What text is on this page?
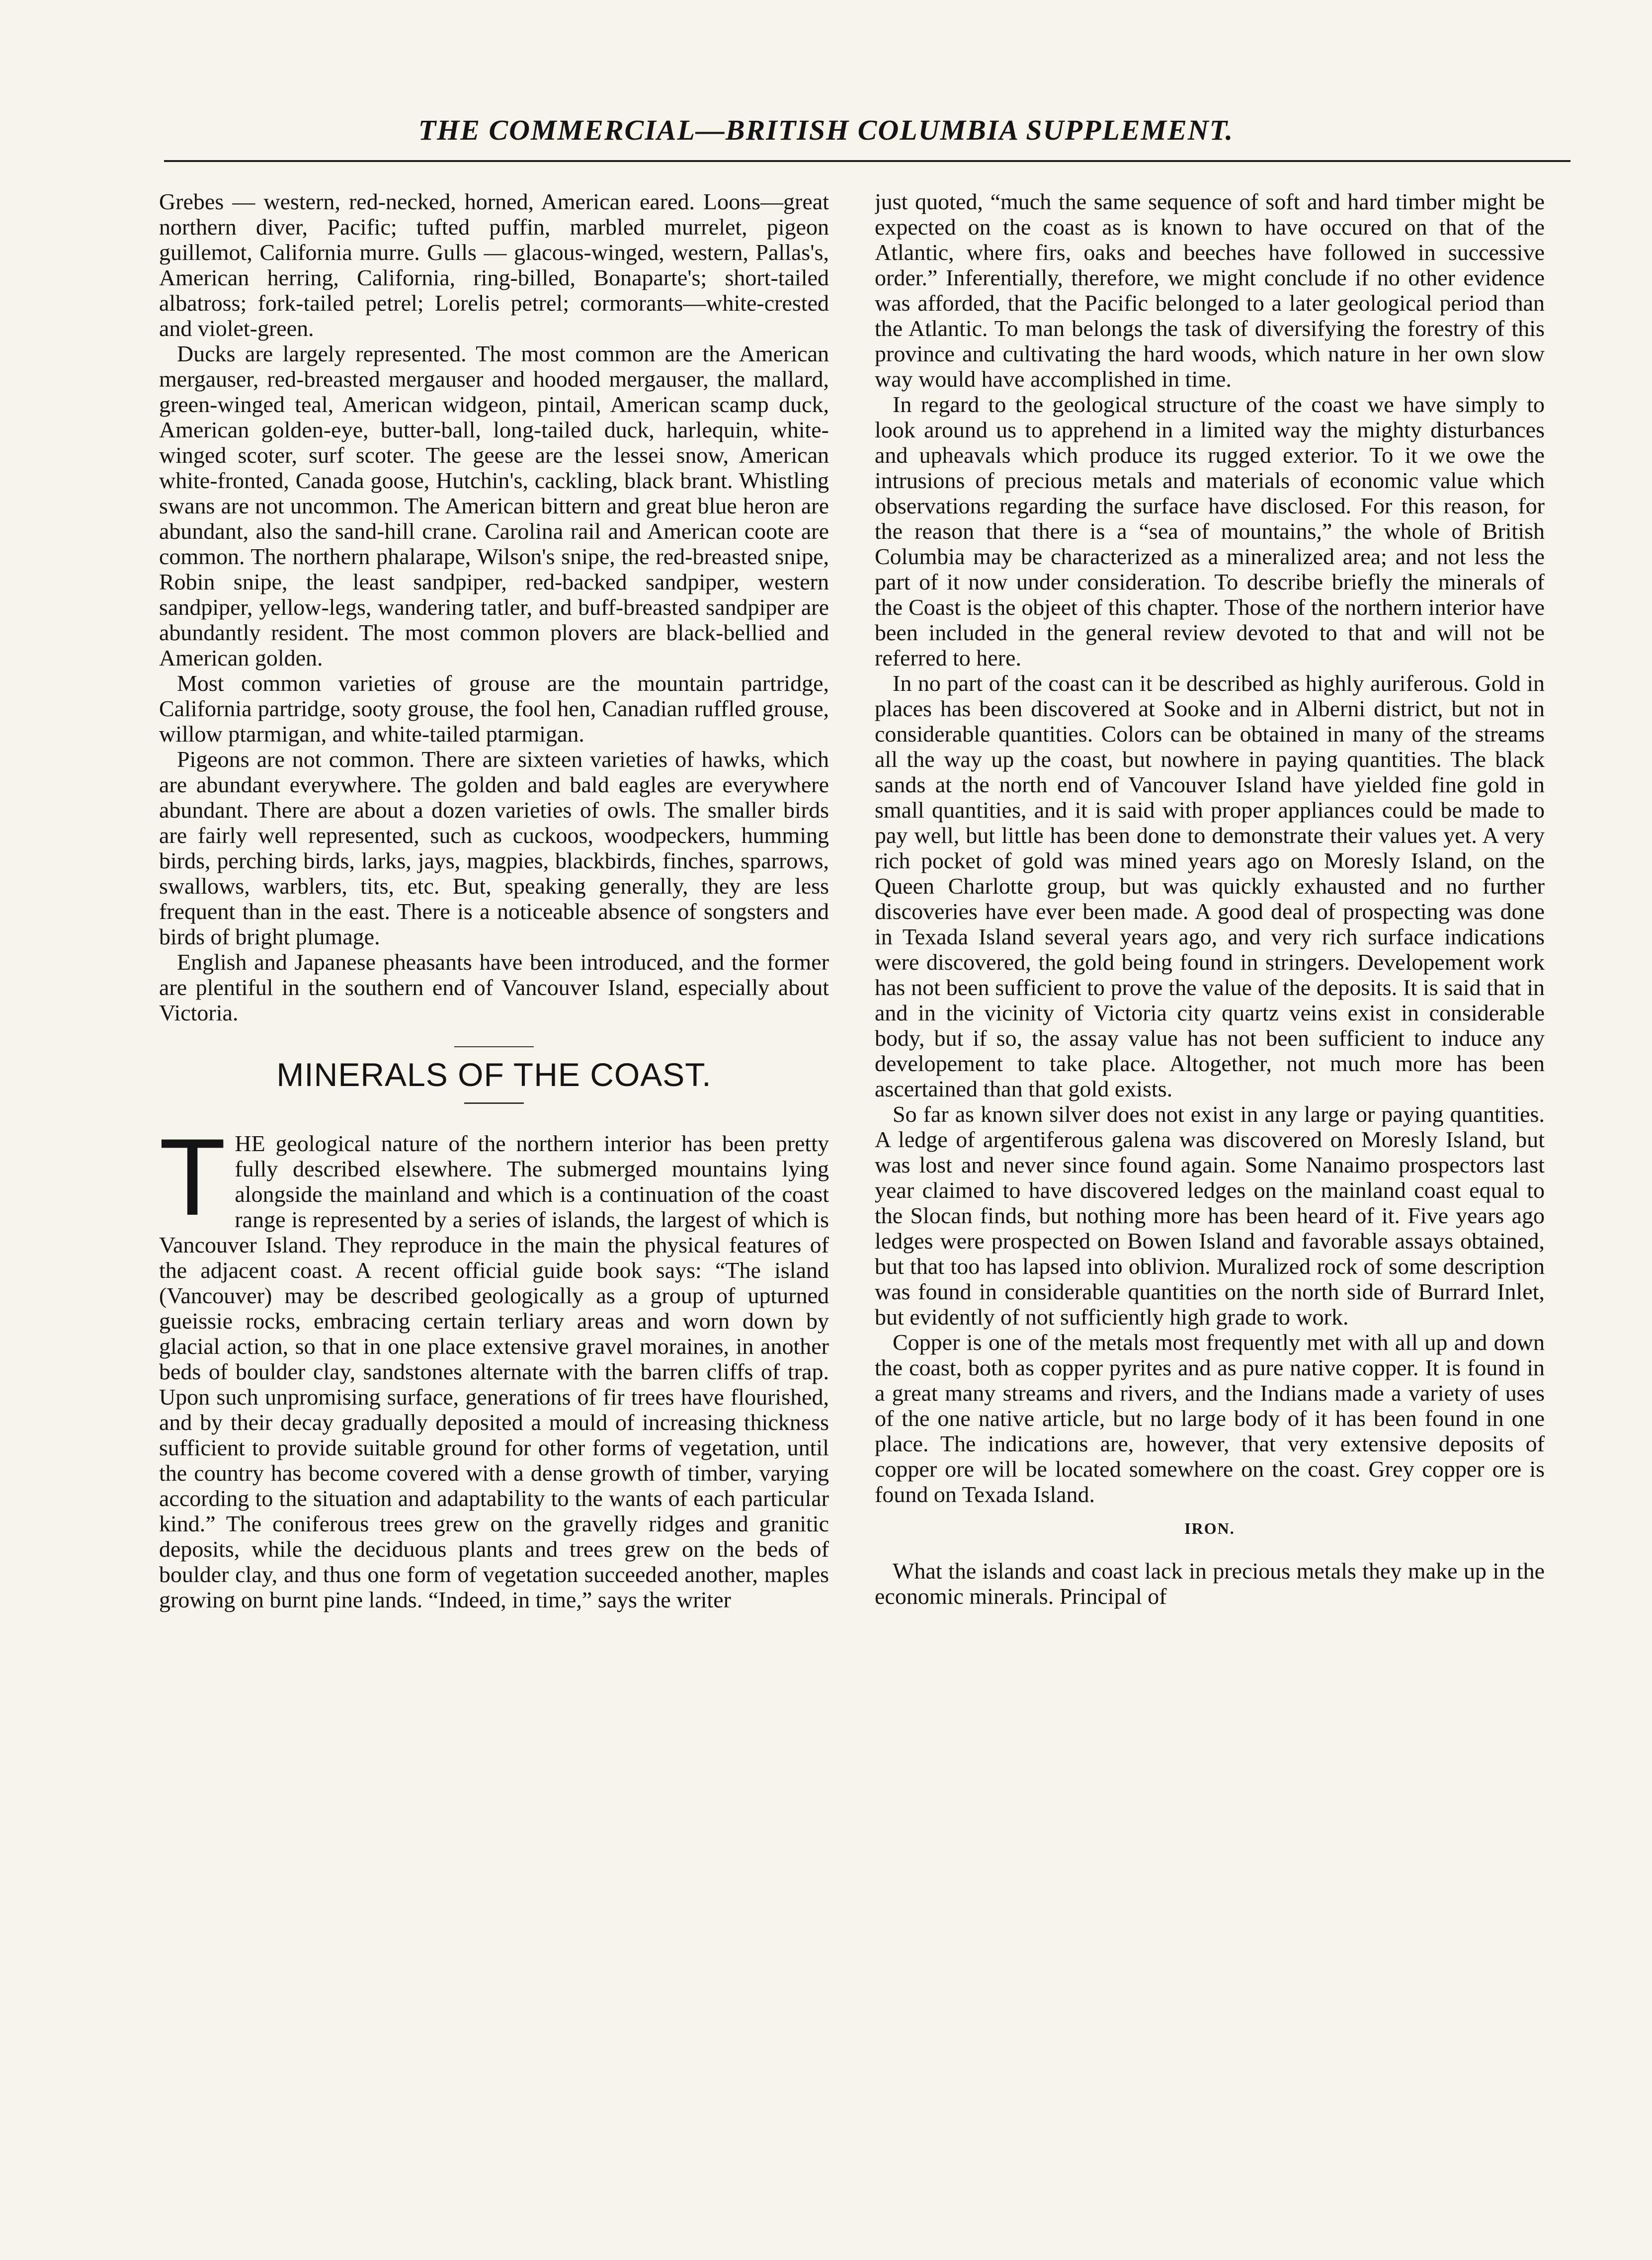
THE COMMERCIAL—BRITISH COLUMBIA SUPPLEMENT.

Grebes — western, red-necked, horned, American eared. Loons—great northern diver, Pacific; tufted puffin, marbled murrelet, pigeon guillemot, California murre. Gulls — glacous-winged, western, Pallas's, American herring, California, ring-billed, Bonaparte's; short-tailed albatross; fork-tailed petrel; Lorelis petrel; cormorants—white-crested and violet-green.

Ducks are largely represented. The most common are the American mergauser, red-breasted mergauser and hooded mergauser, the mallard, green-winged teal, American widgeon, pintail, American scamp duck, American golden-eye, butter-ball, long-tailed duck, harlequin, white-winged scoter, surf scoter. The geese are the lessei snow, American white-fronted, Canada goose, Hutchin's, cackling, black brant. Whistling swans are not uncommon. The American bittern and great blue heron are abundant, also the sand-hill crane. Carolina rail and American coote are common. The northern phalarape, Wilson's snipe, the red-breasted snipe, Robin snipe, the least sandpiper, red-backed sandpiper, western sandpiper, yellow-legs, wandering tatler, and buff-breasted sandpiper are abundantly resident. The most common plovers are black-bellied and American golden.

Most common varieties of grouse are the mountain partridge, California partridge, sooty grouse, the fool hen, Canadian ruffled grouse, willow ptarmigan, and white-tailed ptarmigan.

Pigeons are not common. There are sixteen varieties of hawks, which are abundant everywhere. The golden and bald eagles are everywhere abundant. There are about a dozen varieties of owls. The smaller birds are fairly well represented, such as cuckoos, woodpeckers, humming birds, perching birds, larks, jays, magpies, blackbirds, finches, sparrows, swallows, warblers, tits, etc. But, speaking generally, they are less frequent than in the east. There is a noticeable absence of songsters and birds of bright plumage.

English and Japanese pheasants have been introduced, and the former are plentiful in the southern end of Vancouver Island, especially about Victoria.

MINERALS OF THE COAST.

THE geological nature of the northern interior has been pretty fully described elsewhere. The submerged mountains lying alongside the mainland and which is a continuation of the coast range is represented by a series of islands, the largest of which is Vancouver Island. They reproduce in the main the physical features of the adjacent coast. A recent official guide book says: “The island (Vancouver) may be described geologically as a group of upturned gueissie rocks, embracing certain terliary areas and worn down by glacial action, so that in one place extensive gravel moraines, in another beds of boulder clay, sandstones alternate with the barren cliffs of trap. Upon such unpromising surface, generations of fir trees have flourished, and by their decay gradually deposited a mould of increasing thickness sufficient to provide suitable ground for other forms of vegetation, until the country has become covered with a dense growth of timber, varying according to the situation and adaptability to the wants of each particular kind.” The coniferous trees grew on the gravelly ridges and granitic deposits, while the deciduous plants and trees grew on the beds of boulder clay, and thus one form of vegetation succeeded another, maples growing on burnt pine lands. “Indeed, in time,” says the writer

just quoted, “much the same sequence of soft and hard timber might be expected on the coast as is known to have occured on that of the Atlantic, where firs, oaks and beeches have followed in successive order.” Inferentially, therefore, we might conclude if no other evidence was afforded, that the Pacific belonged to a later geological period than the Atlantic. To man belongs the task of diversifying the forestry of this province and cultivating the hard woods, which nature in her own slow way would have accomplished in time.

In regard to the geological structure of the coast we have simply to look around us to apprehend in a limited way the mighty disturbances and upheavals which produce its rugged exterior. To it we owe the intrusions of precious metals and materials of economic value which observations regarding the surface have disclosed. For this reason, for the reason that there is a “sea of mountains,” the whole of British Columbia may be characterized as a mineralized area; and not less the part of it now under consideration. To describe briefly the minerals of the Coast is the objeet of this chapter. Those of the northern interior have been included in the general review devoted to that and will not be referred to here.

In no part of the coast can it be described as highly auriferous. Gold in places has been discovered at Sooke and in Alberni district, but not in considerable quantities. Colors can be obtained in many of the streams all the way up the coast, but nowhere in paying quantities. The black sands at the north end of Vancouver Island have yielded fine gold in small quantities, and it is said with proper appliances could be made to pay well, but little has been done to demonstrate their values yet. A very rich pocket of gold was mined years ago on Moresly Island, on the Queen Charlotte group, but was quickly exhausted and no further discoveries have ever been made. A good deal of prospecting was done in Texada Island several years ago, and very rich surface indications were discovered, the gold being found in stringers. Developement work has not been sufficient to prove the value of the deposits. It is said that in and in the vicinity of Victoria city quartz veins exist in considerable body, but if so, the assay value has not been sufficient to induce any developement to take place. Altogether, not much more has been ascertained than that gold exists.

So far as known silver does not exist in any large or paying quantities. A ledge of argentiferous galena was discovered on Moresly Island, but was lost and never since found again. Some Nanaimo prospectors last year claimed to have discovered ledges on the mainland coast equal to the Slocan finds, but nothing more has been heard of it. Five years ago ledges were prospected on Bowen Island and favorable assays obtained, but that too has lapsed into oblivion. Muralized rock of some description was found in considerable quantities on the north side of Burrard Inlet, but evidently of not sufficiently high grade to work.

Copper is one of the metals most frequently met with all up and down the coast, both as copper pyrites and as pure native copper. It is found in a great many streams and rivers, and the Indians made a variety of uses of the one native article, but no large body of it has been found in one place. The indications are, however, that very extensive deposits of copper ore will be located somewhere on the coast. Grey copper ore is found on Texada Island.

IRON.

What the islands and coast lack in precious metals they make up in the economic minerals. Principal of
